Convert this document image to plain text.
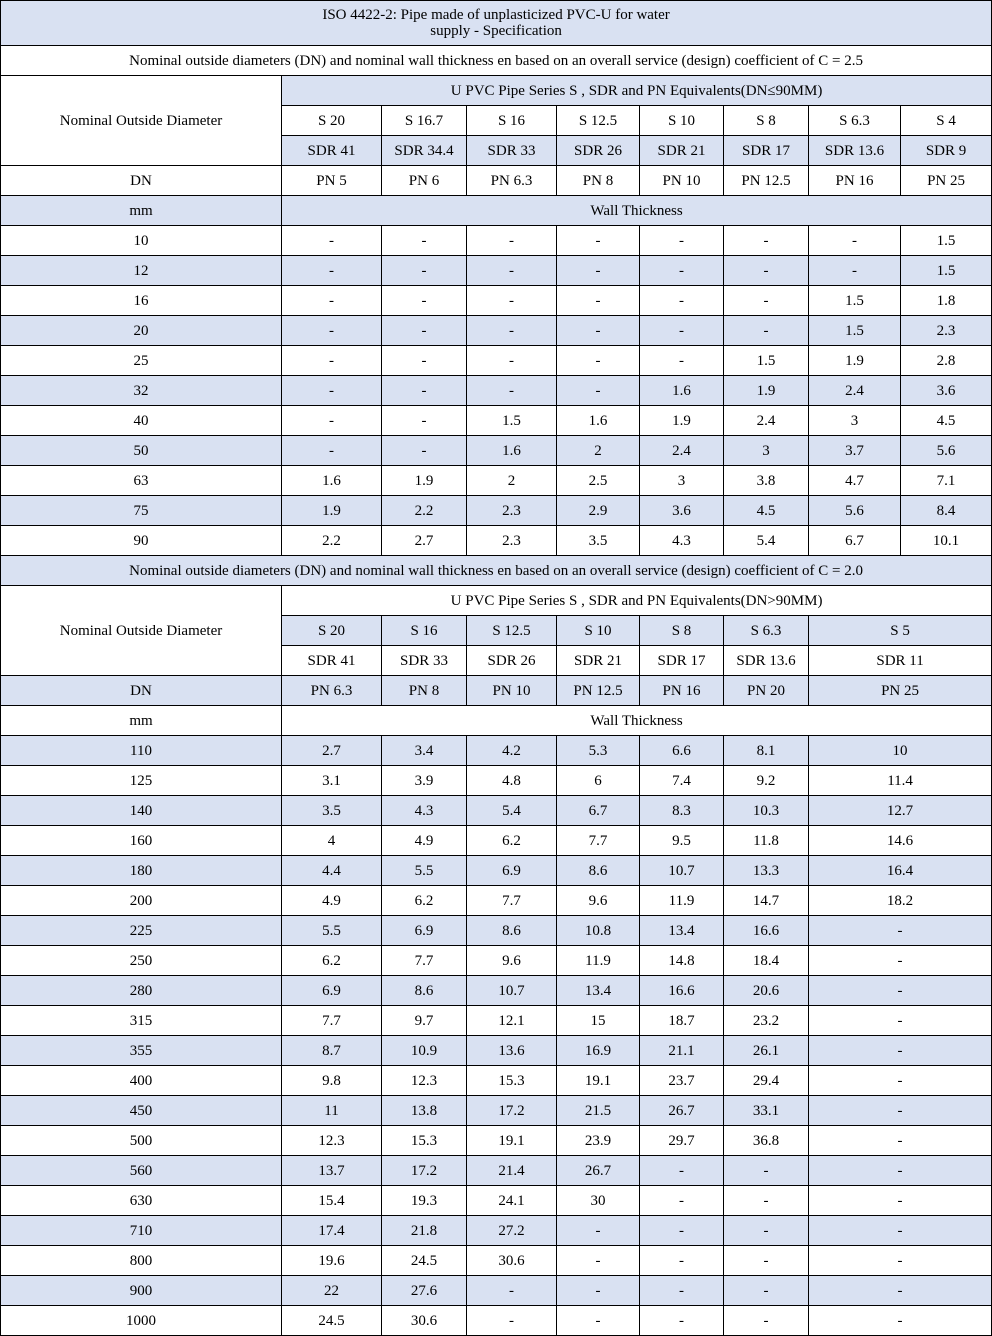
ISO 4422-2: Pipe made of unplasticized PVC-U for water
supply - Specification								

Nominal outside diameters (DN) and nominal wall thickness en based on an overall service (design) coefficient of C = 2.5								
Nominal Outside Diameter	U PVC Pipe Series S , SDR and PN Equivalents(DN≤90MM)							
	S 20	S 16.7	S 16	S 12.5	S 10	S 8	S 6.3	S 4
	SDR 41	SDR 34.4	SDR 33	SDR 26	SDR 21	SDR 17	SDR 13.6	SDR 9
DN	PN 5	PN 6	PN 6.3	PN 8	PN 10	PN 12.5	PN 16	PN 25
mm	Wall Thickness							
10	-	-	-	-	-	-	-	1.5
12	-	-	-	-	-	-	-	1.5
16	-	-	-	-	-	-	1.5	1.8
20	-	-	-	-	-	-	1.5	2.3
25	-	-	-	-	-	1.5	1.9	2.8
32	-	-	-	-	1.6	1.9	2.4	3.6
40	-	-	1.5	1.6	1.9	2.4	3	4.5
50	-	-	1.6	2	2.4	3	3.7	5.6
63	1.6	1.9	2	2.5	3	3.8	4.7	7.1
75	1.9	2.2	2.3	2.9	3.6	4.5	5.6	8.4
90	2.2	2.7	2.3	3.5	4.3	5.4	6.7	10.1
Nominal outside diameters (DN) and nominal wall thickness en based on an overall service (design) coefficient of C = 2.0								
Nominal Outside Diameter	U PVC Pipe Series S , SDR and PN Equivalents(DN>90MM)							
	S 20	S 16	S 12.5	S 10	S 8	S 6.3	S 5	
	SDR 41	SDR 33	SDR 26	SDR 21	SDR 17	SDR 13.6	SDR 11	
DN	PN 6.3	PN 8	PN 10	PN 12.5	PN 16	PN 20	PN 25	
mm	Wall Thickness							
110	2.7	3.4	4.2	5.3	6.6	8.1	10	
125	3.1	3.9	4.8	6	7.4	9.2	11.4	
140	3.5	4.3	5.4	6.7	8.3	10.3	12.7	
160	4	4.9	6.2	7.7	9.5	11.8	14.6	
180	4.4	5.5	6.9	8.6	10.7	13.3	16.4	
200	4.9	6.2	7.7	9.6	11.9	14.7	18.2	
225	5.5	6.9	8.6	10.8	13.4	16.6	-	
250	6.2	7.7	9.6	11.9	14.8	18.4	-	
280	6.9	8.6	10.7	13.4	16.6	20.6	-	
315	7.7	9.7	12.1	15	18.7	23.2	-	
355	8.7	10.9	13.6	16.9	21.1	26.1	-	
400	9.8	12.3	15.3	19.1	23.7	29.4	-	
450	11	13.8	17.2	21.5	26.7	33.1	-	
500	12.3	15.3	19.1	23.9	29.7	36.8	-	
560	13.7	17.2	21.4	26.7	-	-	-	
630	15.4	19.3	24.1	30	-	-	-	
710	17.4	21.8	27.2	-	-	-	-	
800	19.6	24.5	30.6	-	-	-	-	
900	22	27.6	-	-	-	-	-	
1000	24.5	30.6	-	-	-	-	-	
